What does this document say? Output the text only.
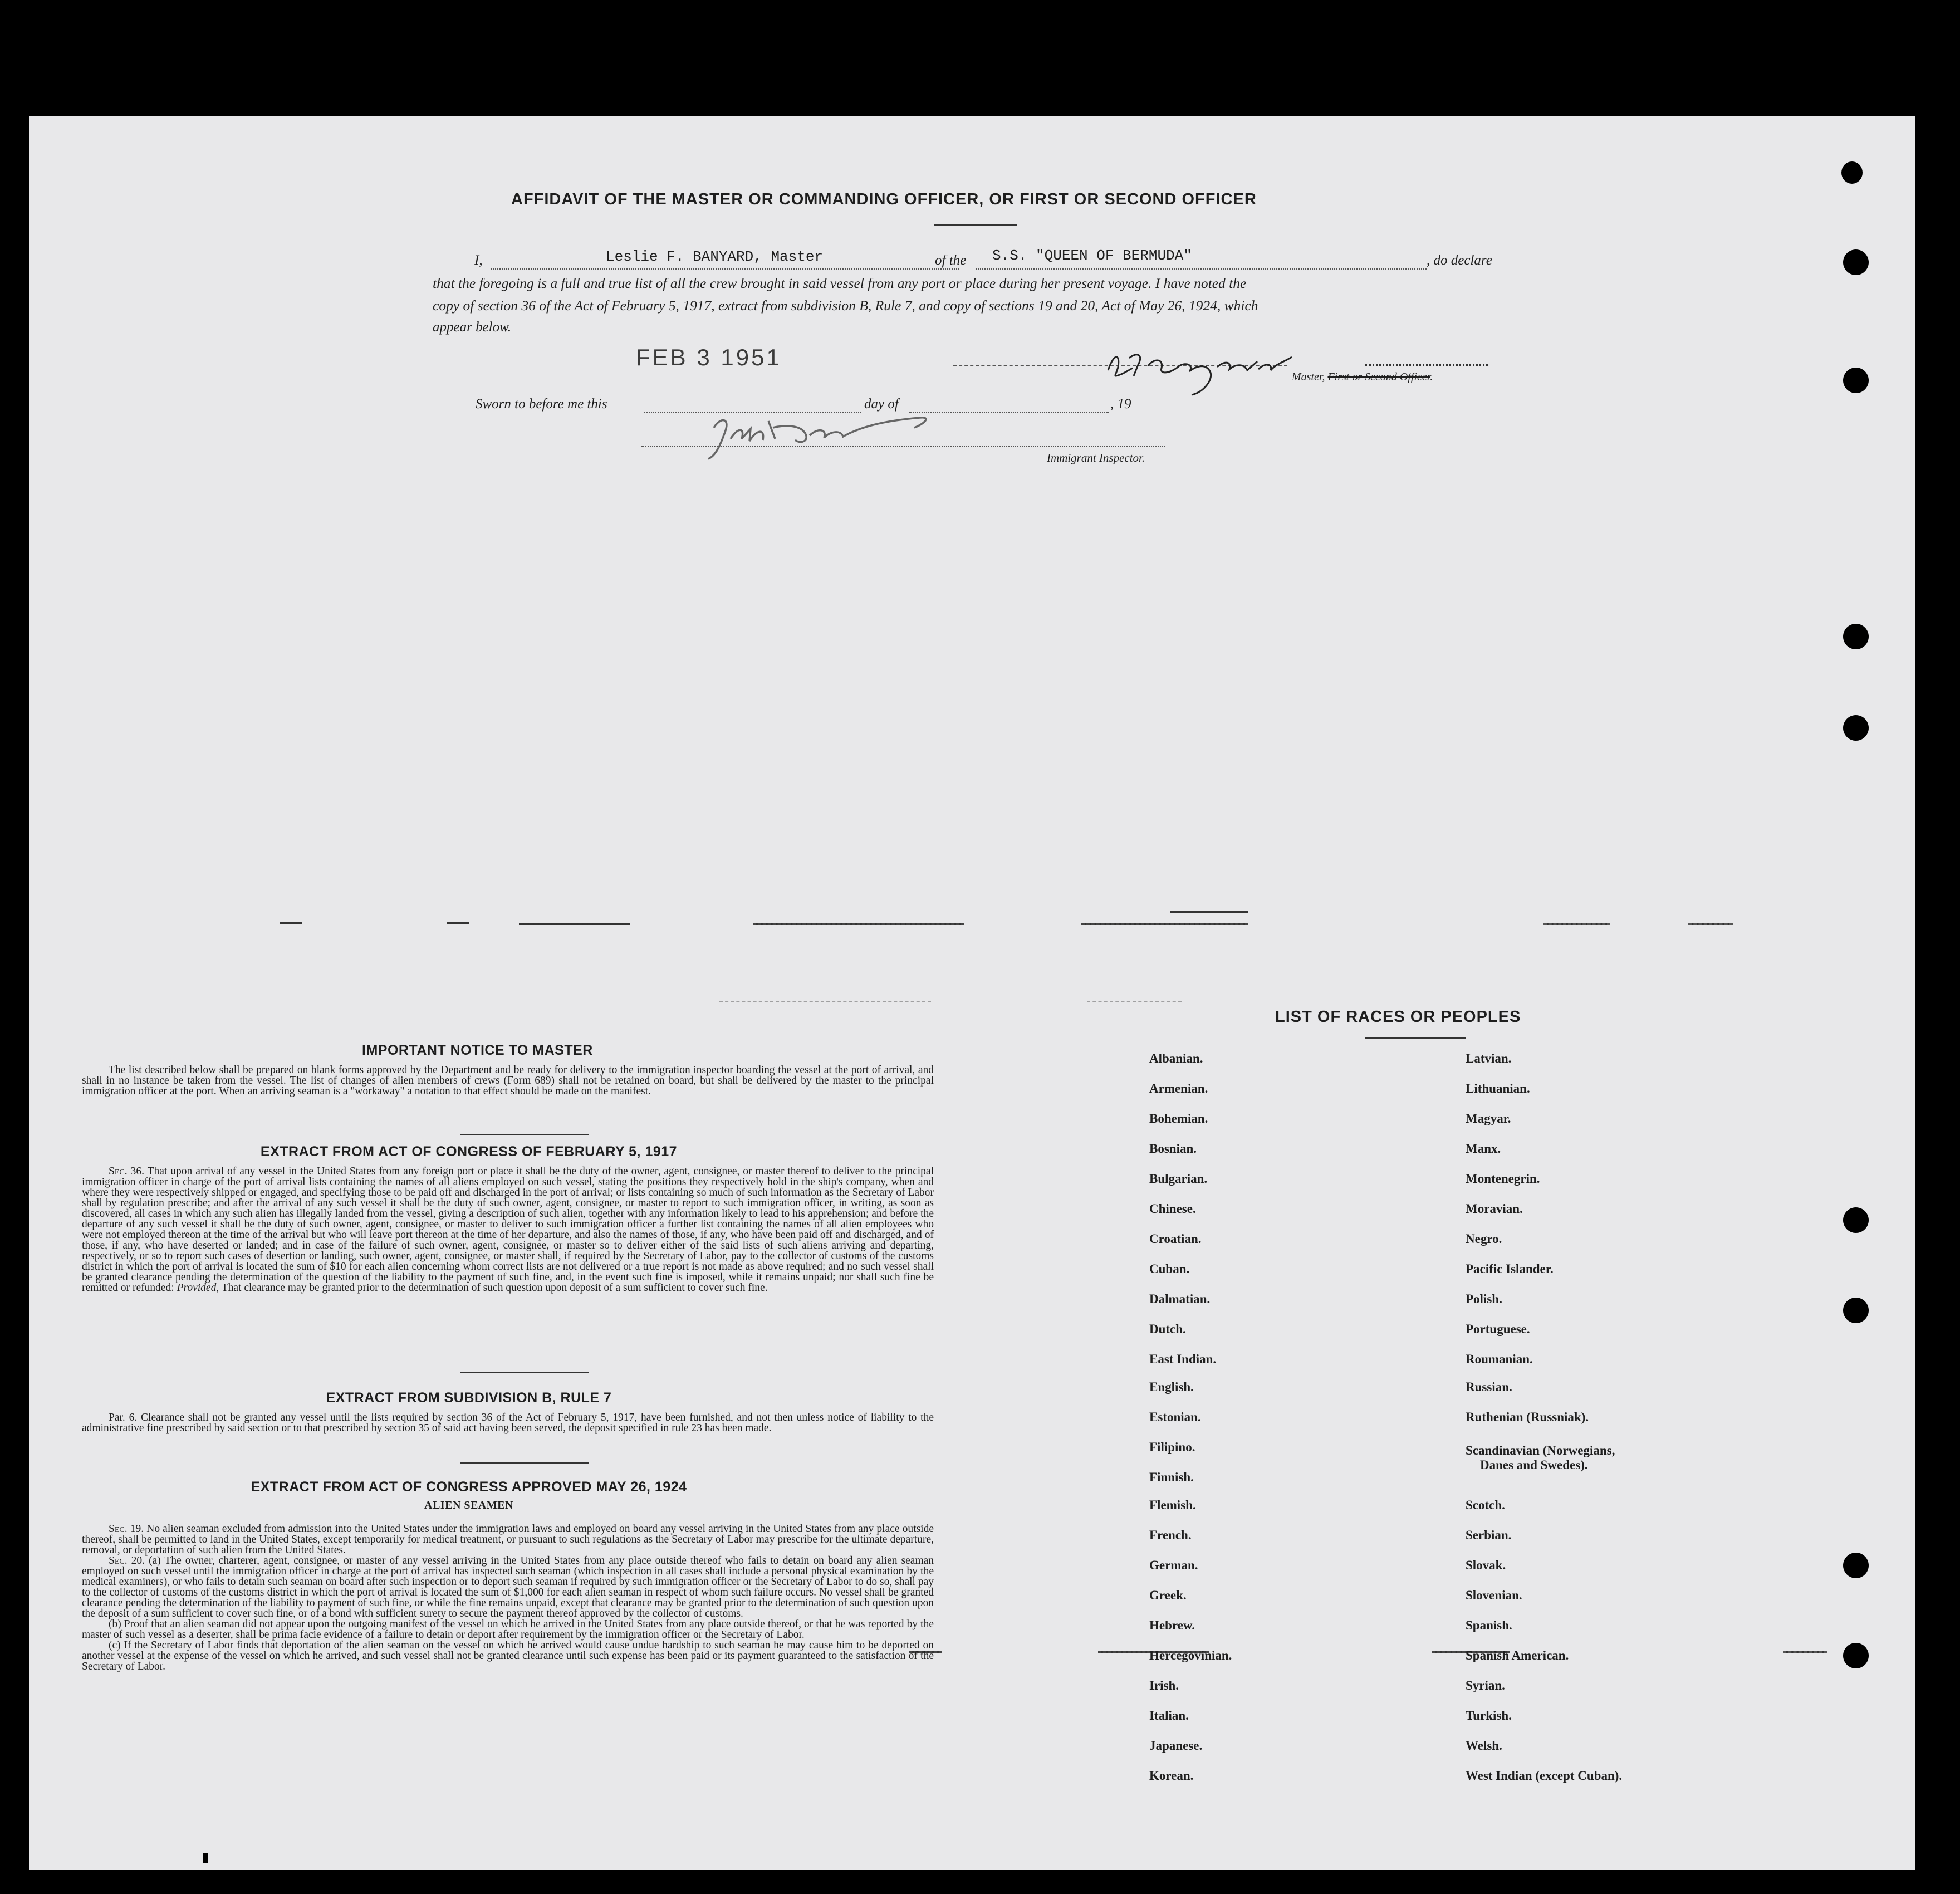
AFFIDAVIT OF THE MASTER OR COMMANDING OFFICER, OR FIRST OR SECOND OFFICER
I,	Leslie F. BANYARD, Master	of the S.S. "QUEEN OF BERMUDA"	, do declare
that the foregoing is a full and true list of all the crew brought in said vessel from any port or place during her present voyage. I have noted the
copy of section 36 of the Act of February 5, 1917, extract from subdivision B, Rule 7, and copy of sections 19 and 20, Act of May 26, 1924, which
appear below.
FEB 3 1951
Master, First or Second Officer.
Sworn to before me this	day of	, 19
Immigrant Inspector.
IMPORTANT NOTICE TO MASTER

The list described below shall be prepared on blank forms approved by the Department and be ready for delivery to the immigration inspector boarding the vessel at the port of arrival, and shall in no instance be taken from the vessel. The list of changes of alien members of crews (Form 689) shall not be retained on board, but shall be delivered by the master to the principal immigration officer at the port. When an arriving seaman is a "workaway" a notation to that effect should be made on the manifest.

EXTRACT FROM ACT OF CONGRESS OF FEBRUARY 5, 1917

Sec. 36. That upon arrival of any vessel in the United States from any foreign port or place it shall be the duty of the owner, agent, consignee, or master thereof to deliver to the principal immigration officer in charge of the port of arrival lists containing the names of all aliens employed on such vessel, stating the positions they respectively hold in the ship's company, when and where they were respectively shipped or engaged, and specifying those to be paid off and discharged in the port of arrival; or lists containing so much of such information as the Secretary of Labor shall by regulation prescribe; and after the arrival of any such vessel it shall be the duty of such owner, agent, consignee, or master to report to such immigration officer, in writing, as soon as discovered, all cases in which any such alien has illegally landed from the vessel, giving a description of such alien, together with any information likely to lead to his apprehension; and before the departure of any such vessel it shall be the duty of such owner, agent, consignee, or master to deliver to such immigration officer a further list containing the names of all alien employees who were not employed thereon at the time of the arrival but who will leave port thereon at the time of her departure, and also the names of those, if any, who have been paid off and discharged, and of those, if any, who have deserted or landed; and in case of the failure of such owner, agent, consignee, or master so to deliver either of the said lists of such aliens arriving and departing, respectively, or so to report such cases of desertion or landing, such owner, agent, consignee, or master shall, if required by the Secretary of Labor, pay to the collector of customs of the customs district in which the port of arrival is located the sum of $10 for each alien concerning whom correct lists are not delivered or a true report is not made as above required; and no such vessel shall be granted clearance pending the determination of the question of the liability to the payment of such fine, and, in the event such fine is imposed, while it remains unpaid; nor shall such fine be remitted or refunded: Provided, That clearance may be granted prior to the determination of such question upon deposit of a sum sufficient to cover such fine.

EXTRACT FROM SUBDIVISION B, RULE 7

Par. 6. Clearance shall not be granted any vessel until the lists required by section 36 of the Act of February 5, 1917, have been furnished, and not then unless notice of liability to the administrative fine prescribed by said section or to that prescribed by section 35 of said act having been served, the deposit specified in rule 23 has been made.

EXTRACT FROM ACT OF CONGRESS APPROVED MAY 26, 1924
ALIEN SEAMEN

Sec. 19. No alien seaman excluded from admission into the United States under the immigration laws and employed on board any vessel arriving in the United States from any place outside thereof, shall be permitted to land in the United States, except temporarily for medical treatment, or pursuant to such regulations as the Secretary of Labor may prescribe for the ultimate departure, removal, or deportation of such alien from the United States.

Sec. 20. (a) The owner, charterer, agent, consignee, or master of any vessel arriving in the United States from any place outside thereof who fails to detain on board any alien seaman employed on such vessel until the immigration officer in charge at the port of arrival has inspected such seaman (which inspection in all cases shall include a personal physical examination by the medical examiners), or who fails to detain such seaman on board after such inspection or to deport such seaman if required by such immigration officer or the Secretary of Labor to do so, shall pay to the collector of customs of the customs district in which the port of arrival is located the sum of $1,000 for each alien seaman in respect of whom such failure occurs. No vessel shall be granted clearance pending the determination of the liability to payment of such fine, or while the fine remains unpaid, except that clearance may be granted prior to the determination of such question upon the deposit of a sum sufficient to cover such fine, or of a bond with sufficient surety to secure the payment thereof approved by the collector of customs.

(b) Proof that an alien seaman did not appear upon the outgoing manifest of the vessel on which he arrived in the United States from any place outside thereof, or that he was reported by the master of such vessel as a deserter, shall be prima facie evidence of a failure to detain or deport after requirement by the immigration officer or the Secretary of Labor.

(c) If the Secretary of Labor finds that deportation of the alien seaman on the vessel on which he arrived would cause undue hardship to such seaman he may cause him to be deported on another vessel at the expense of the vessel on which he arrived, and such vessel shall not be granted clearance until such expense has been paid or its payment guaranteed to the satisfaction of the Secretary of Labor.

LIST OF RACES OR PEOPLES
Albanian.
Armenian.
Bohemian.
Bosnian.
Bulgarian.
Chinese.
Croatian.
Cuban.
Dalmatian.
Dutch.
East Indian.
English.
Estonian.
Filipino.
Finnish.
Flemish.
French.
German.
Greek.
Hebrew.
Hercegovinian.
Irish.
Italian.
Japanese.
Korean.
Latvian.
Lithuanian.
Magyar.
Manx.
Montenegrin.
Moravian.
Negro.
Pacific Islander.
Polish.
Portuguese.
Roumanian.
Russian.
Ruthenian (Russniak).
Scandinavian (Norwegians,
Danes and Swedes).
Scotch.
Serbian.
Slovak.
Slovenian.
Spanish.
Spanish American.
Syrian.
Turkish.
Welsh.
West Indian (except Cuban).
